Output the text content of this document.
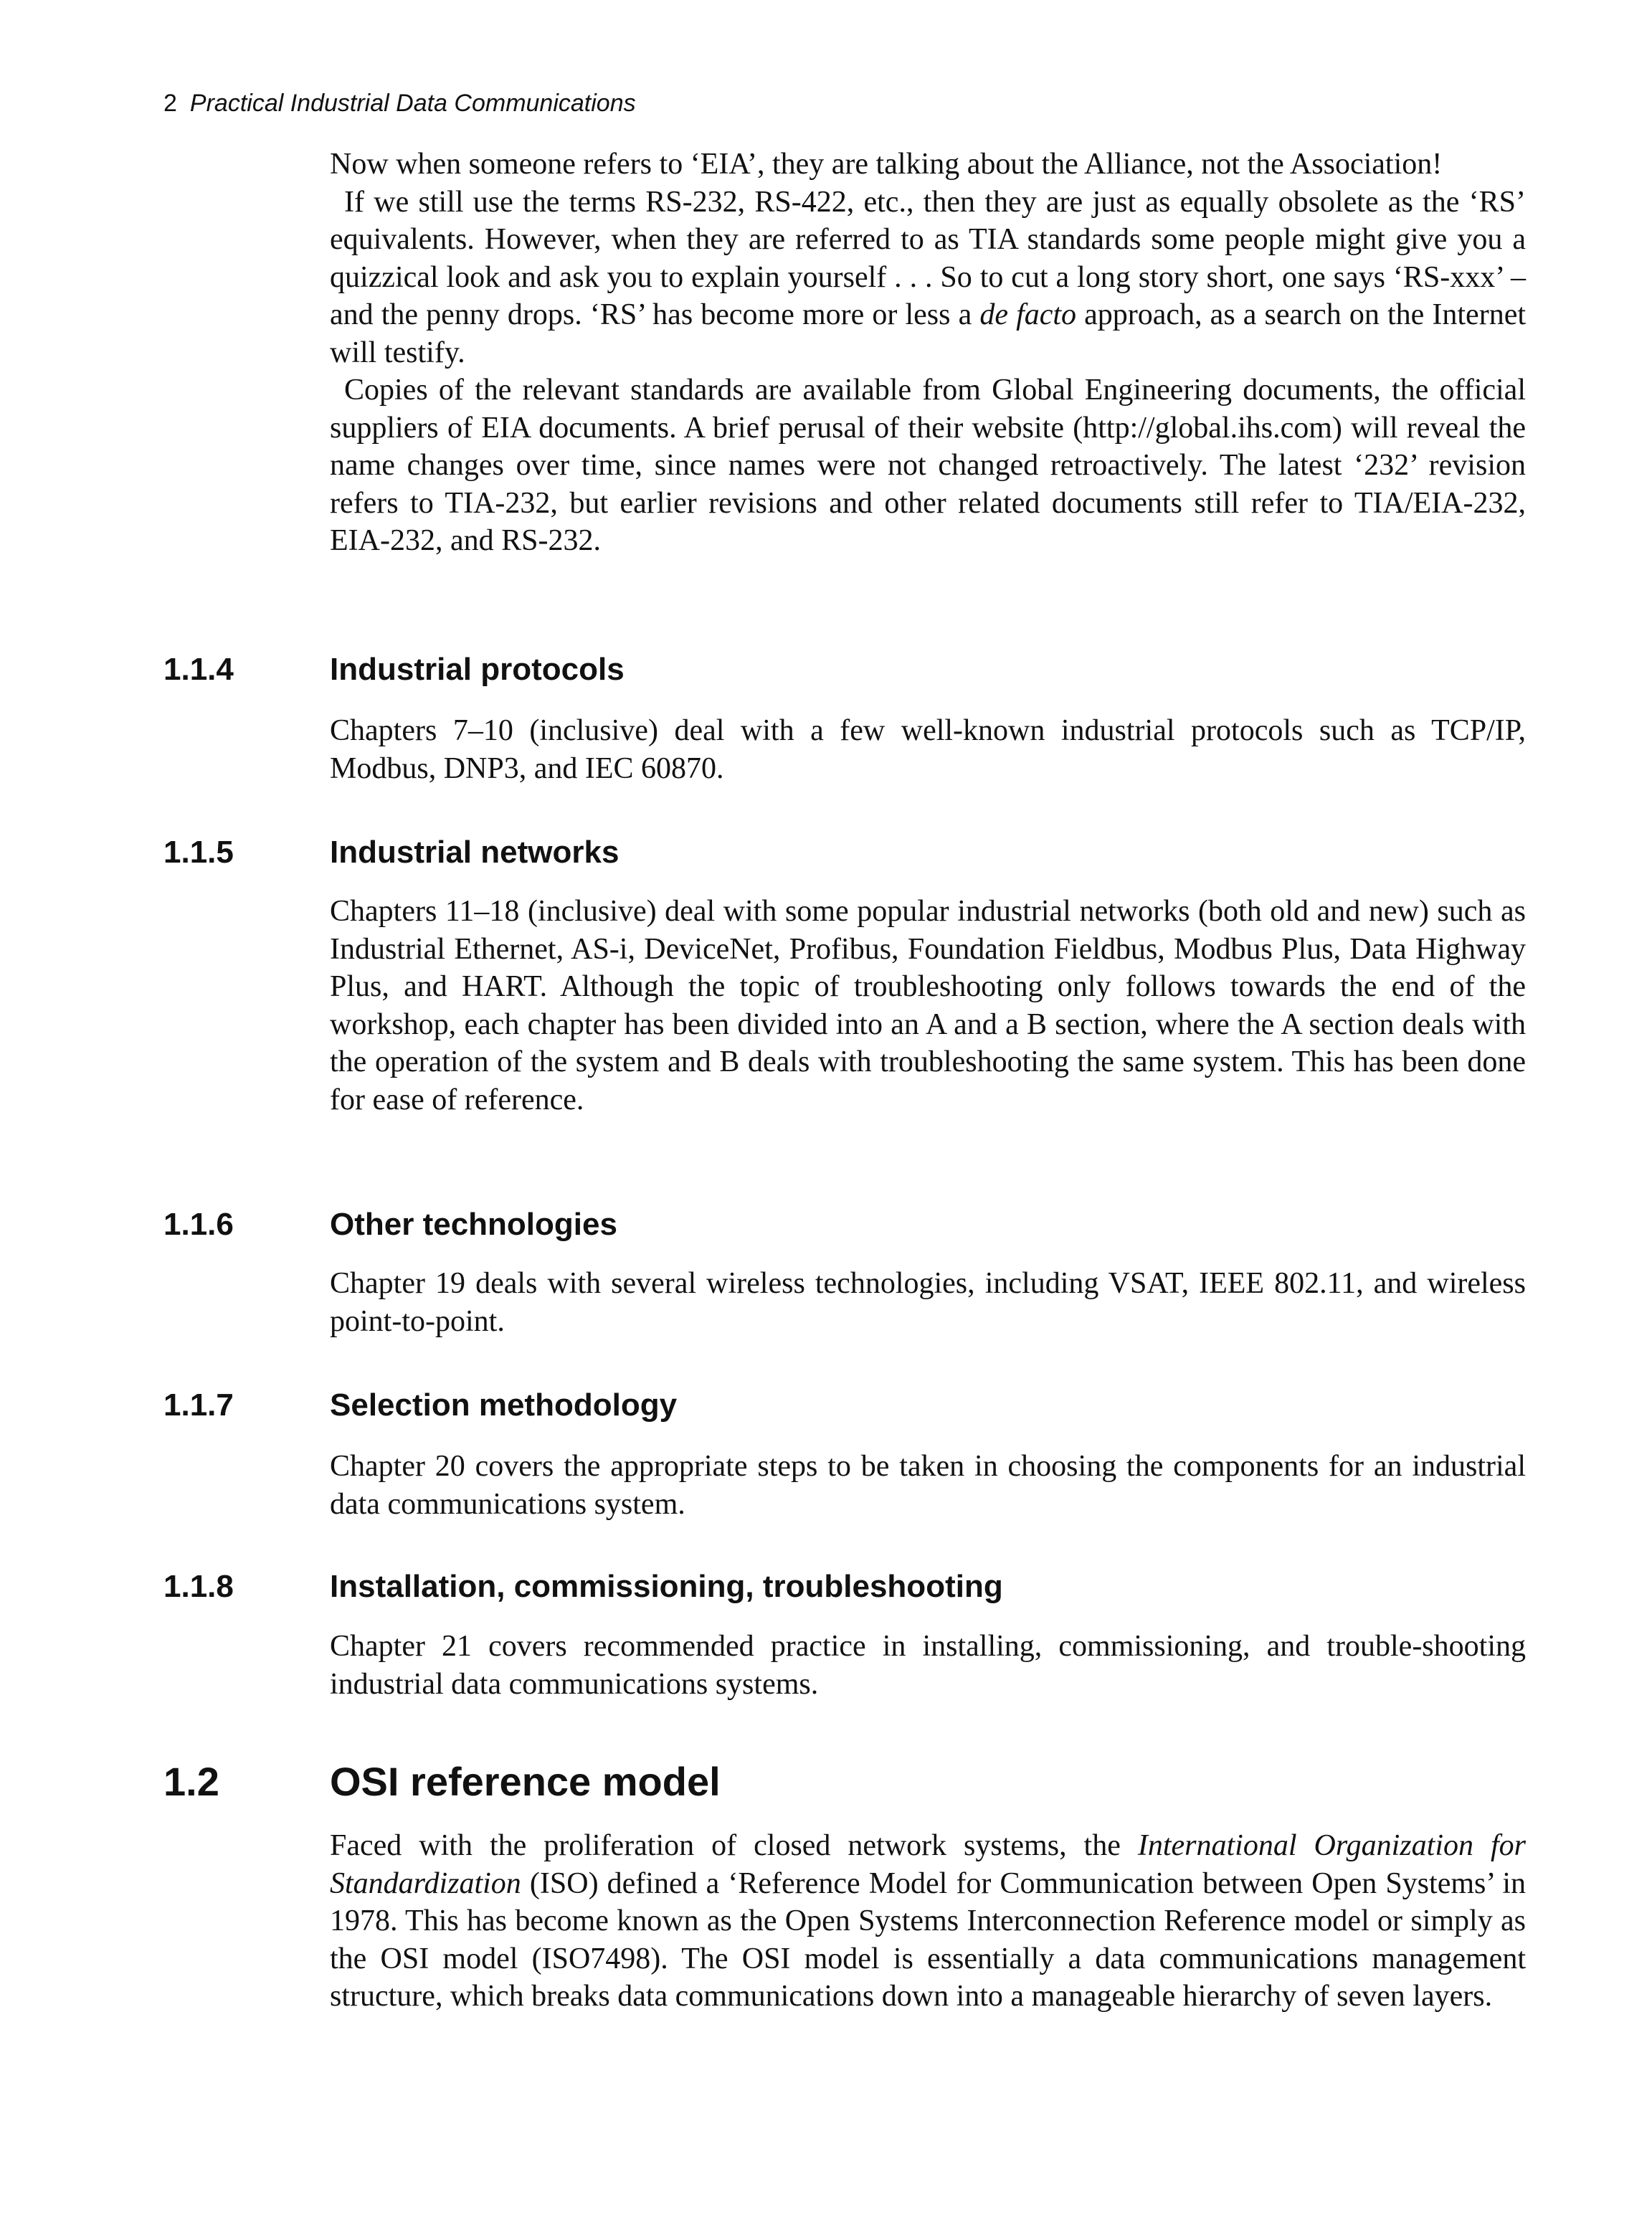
2 Practical Industrial Data Communications

Now when someone refers to ‘EIA’, they are talking about the Alliance, not the Association!

If we still use the terms RS-232, RS-422, etc., then they are just as equally obsolete as the ‘RS’ equivalents. However, when they are referred to as TIA standards some people might give you a quizzical look and ask you to explain yourself . . . So to cut a long story short, one says ‘RS-xxx’ – and the penny drops. ‘RS’ has become more or less a de facto approach, as a search on the Internet will testify.

Copies of the relevant standards are available from Global Engineering documents, the official suppliers of EIA documents. A brief perusal of their website (http://global.ihs.com) will reveal the name changes over time, since names were not changed retroactively. The latest ‘232’ revision refers to TIA-232, but earlier revisions and other related documents still refer to TIA/EIA-232, EIA-232, and RS-232.

1.1.4	Industrial protocols

Chapters 7–10 (inclusive) deal with a few well-known industrial protocols such as TCP/IP, Modbus, DNP3, and IEC 60870.

1.1.5	Industrial networks

Chapters 11–18 (inclusive) deal with some popular industrial networks (both old and new) such as Industrial Ethernet, AS-i, DeviceNet, Profibus, Foundation Fieldbus, Modbus Plus, Data Highway Plus, and HART. Although the topic of troubleshooting only follows towards the end of the workshop, each chapter has been divided into an A and a B section, where the A section deals with the operation of the system and B deals with troubleshooting the same system. This has been done for ease of reference.

1.1.6	Other technologies

Chapter 19 deals with several wireless technologies, including VSAT, IEEE 802.11, and wireless point-to-point.

1.1.7	Selection methodology

Chapter 20 covers the appropriate steps to be taken in choosing the components for an industrial data communications system.

1.1.8	Installation, commissioning, troubleshooting

Chapter 21 covers recommended practice in installing, commissioning, and trouble-shooting industrial data communications systems.

1.2	OSI reference model

Faced with the proliferation of closed network systems, the International Organization for Standardization (ISO) defined a ‘Reference Model for Communication between Open Systems’ in 1978. This has become known as the Open Systems Interconnection Reference model or simply as the OSI model (ISO7498). The OSI model is essentially a data communications management structure, which breaks data communications down into a manageable hierarchy of seven layers.
